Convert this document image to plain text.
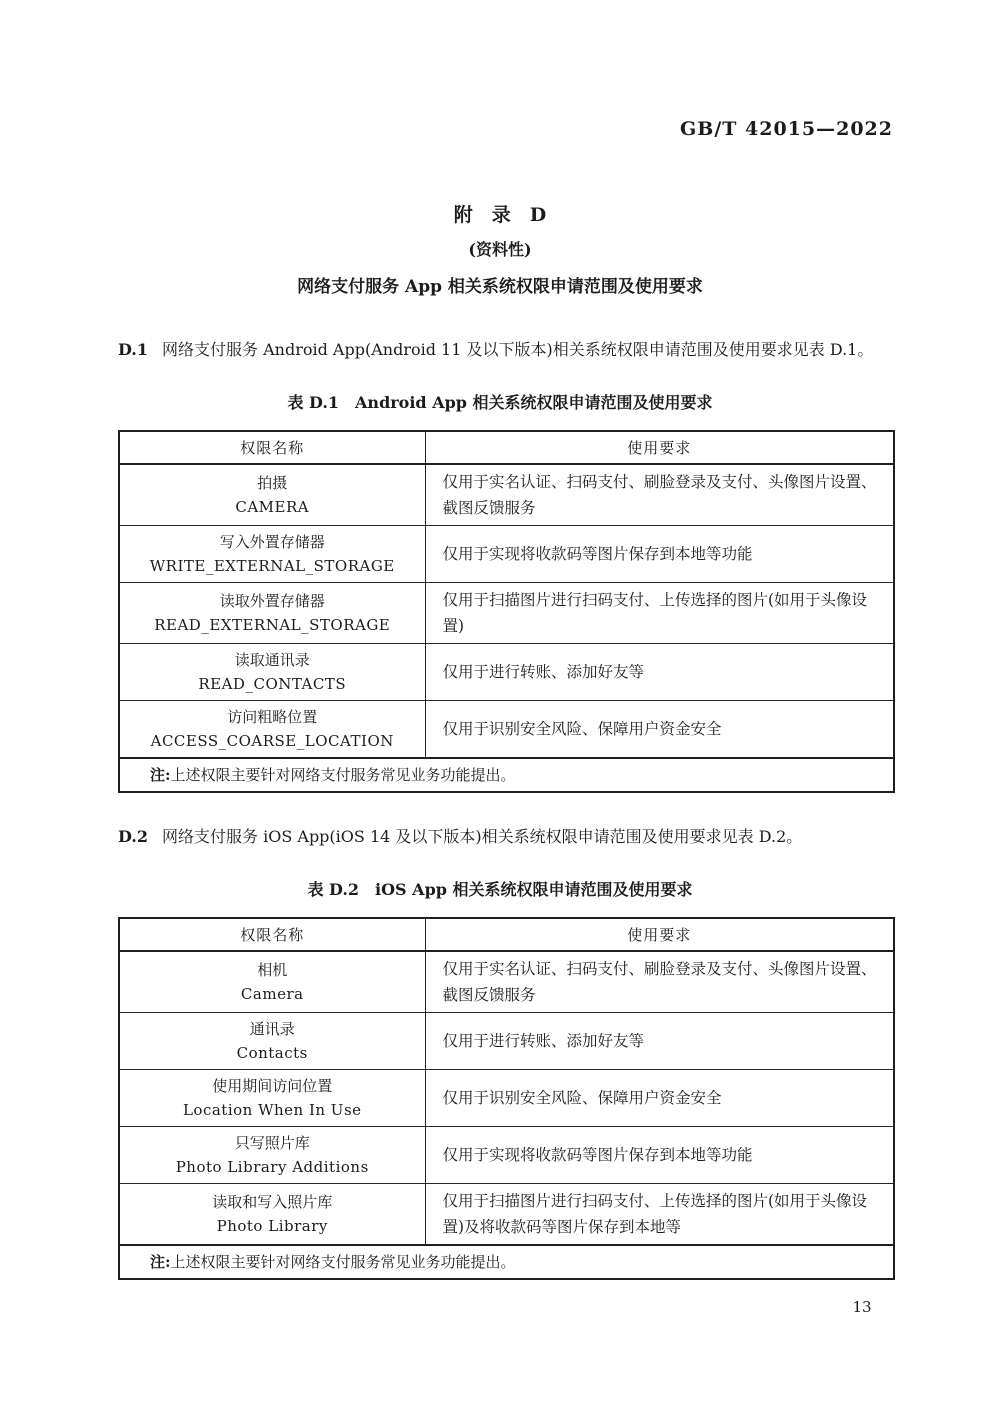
GB/T 42015—2022
附　录　D
(资料性)
网络支付服务 App 相关系统权限申请范围及使用要求
D.1 网络支付服务 Android App(Android 11 及以下版本)相关系统权限申请范围及使用要求见表 D.1。
表 D.1　Android App 相关系统权限申请范围及使用要求
权限名称	使用要求

拍摄
CAMERA	仅用于实名认证、扫码支付、刷脸登录及支付、头像图片设置、截图反馈服务

写入外置存储器
WRITE_EXTERNAL_STORAGE	仅用于实现将收款码等图片保存到本地等功能

读取外置存储器
READ_EXTERNAL_STORAGE	仅用于扫描图片进行扫码支付、上传选择的图片(如用于头像设置)

读取通讯录
READ_CONTACTS	仅用于进行转账、添加好友等

访问粗略位置
ACCESS_COARSE_LOCATION	仅用于识别安全风险、保障用户资金安全
注:上述权限主要针对网络支付服务常见业务功能提出。	
D.2 网络支付服务 iOS App(iOS 14 及以下版本)相关系统权限申请范围及使用要求见表 D.2。
表 D.2　iOS App 相关系统权限申请范围及使用要求
权限名称	使用要求

相机
Camera	仅用于实名认证、扫码支付、刷脸登录及支付、头像图片设置、截图反馈服务

通讯录
Contacts	仅用于进行转账、添加好友等

使用期间访问位置
Location When In Use	仅用于识别安全风险、保障用户资金安全

只写照片库
Photo Library Additions	仅用于实现将收款码等图片保存到本地等功能

读取和写入照片库
Photo Library	仅用于扫描图片进行扫码支付、上传选择的图片(如用于头像设置)及将收款码等图片保存到本地等
注:上述权限主要针对网络支付服务常见业务功能提出。	
13
